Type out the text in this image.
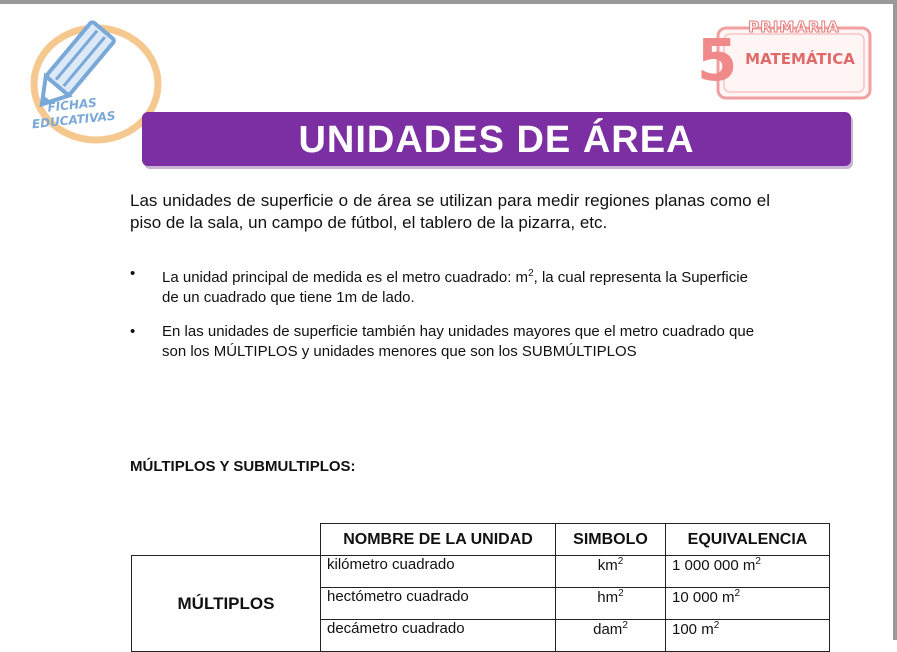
FICHAS EDUCATIVAS
PRIMARIA
5 MATEMÁTICA
UNIDADES DE ÁREA
Las unidades de superficie o de área se utilizan para medir regiones planas como el piso de la sala, un campo de fútbol, el tablero de la pizarra, etc.
• La unidad principal de medida es el metro cuadrado: $m^2$, la cual representa la Superficie de un cuadrado que tiene 1m de lado.
• En las unidades de superficie también hay unidades mayores que el metro cuadrado que son los MÚLTIPLOS y unidades menores que son los SUBMÚLTIPLOS
MÚLTIPLOS Y SUBMULTIPLOS:
	NOMBRE DE LA UNIDAD	SIMBOLO	EQUIVALENCIA
MÚLTIPLOS	kilómetro cuadrado	$km^2$	1 000 000 $m^2$
	hectómetro cuadrado	$hm^2$	10 000 $m^2$
	decámetro cuadrado	dam$^2$	100 $m^2$
